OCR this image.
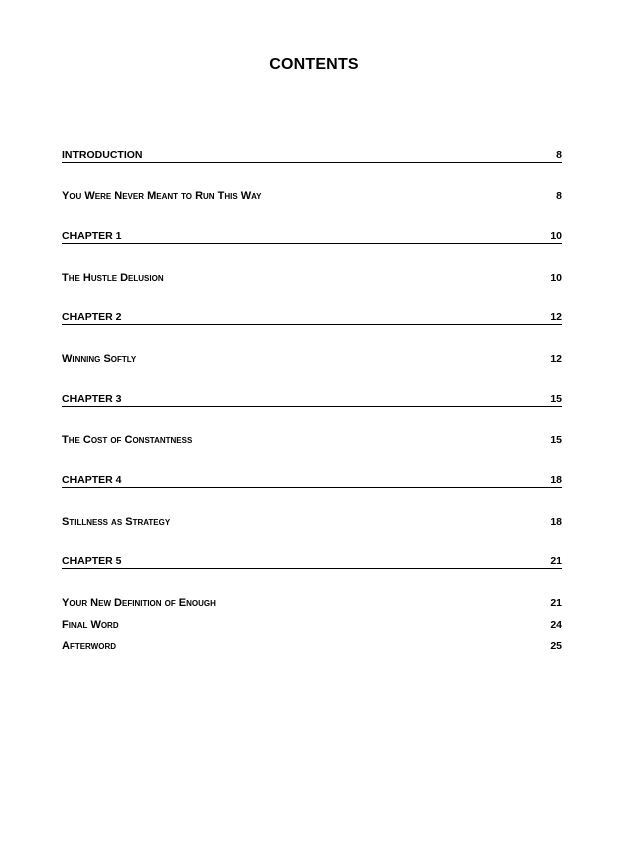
CONTENTS
INTRODUCTION	8
You Were Never Meant to Run This Way	8
CHAPTER 1	10
The Hustle Delusion	10
CHAPTER 2	12
Winning Softly	12
CHAPTER 3	15
The Cost of Constantness	15
CHAPTER 4	18
Stillness as Strategy	18
CHAPTER 5	21
Your New Definition of Enough	21
Final Word	24
Afterword	25
